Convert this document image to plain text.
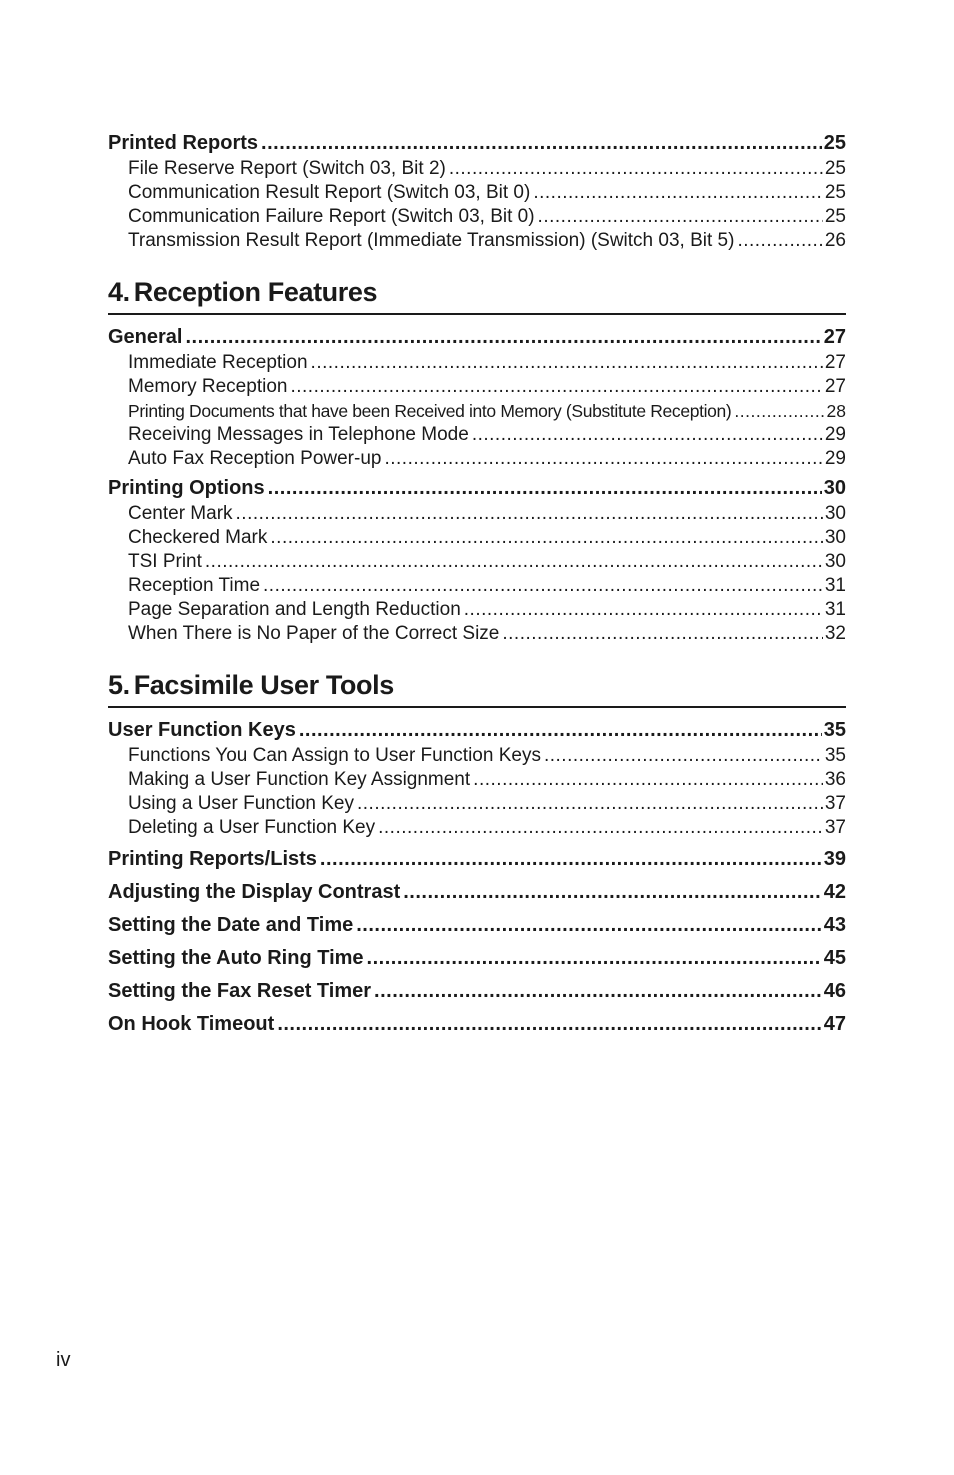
Printed Reports .....	25
File Reserve Report (Switch 03, Bit 2) .....	25
Communication Result Report (Switch 03, Bit 0) .....	25
Communication Failure Report (Switch 03, Bit 0) .....	25
Transmission Result Report (Immediate Transmission) (Switch 03, Bit 5) .....	26
4. Reception Features
General .....	27
Immediate Reception .....	27
Memory Reception .....	27
Printing Documents that have been Received into Memory (Substitute Reception) .....	28
Receiving Messages in Telephone Mode .....	29
Auto Fax Reception Power-up .....	29
Printing Options .....	30
Center Mark .....	30
Checkered Mark .....	30
TSI Print .....	30
Reception Time .....	31
Page Separation and Length Reduction .....	31
When There is No Paper of the Correct Size .....	32
5. Facsimile User Tools
User Function Keys .....	35
Functions You Can Assign to User Function Keys .....	35
Making a User Function Key Assignment .....	36
Using a User Function Key .....	37
Deleting a User Function Key .....	37
Printing Reports/Lists .....	39
Adjusting the Display Contrast .....	42
Setting the Date and Time .....	43
Setting the Auto Ring Time .....	45
Setting the Fax Reset Timer .....	46
On Hook Timeout .....	47
iv
